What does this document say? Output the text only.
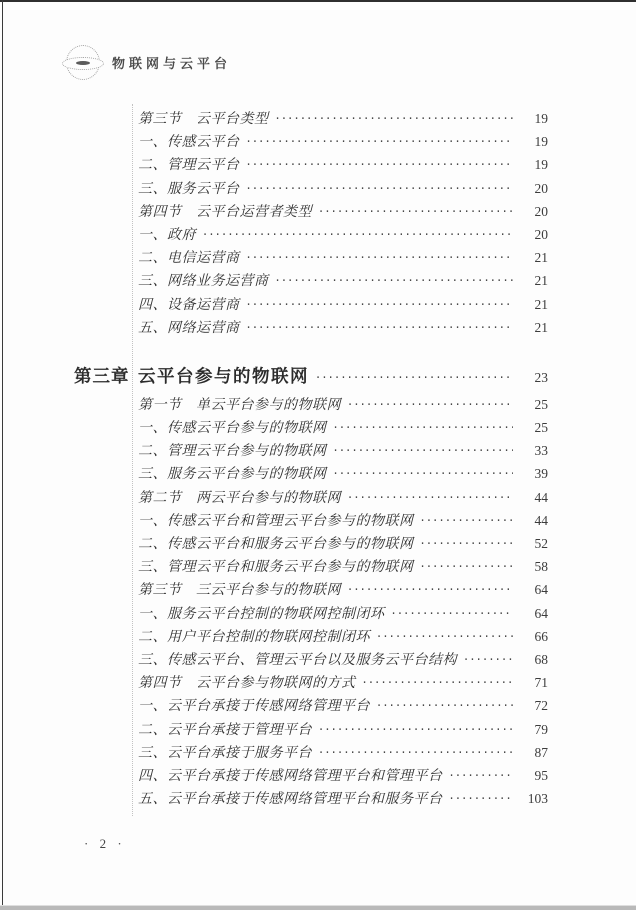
物联网与云平台
第三节　云平台类型 ·····	19
一、传感云平台 ·····	19
二、管理云平台 ·····	19
三、服务云平台 ·····	20
第四节　云平台运营者类型 ·····	20
一、政府 ·····	20
二、电信运营商 ·····	21
三、网络业务运营商 ·····	21
四、设备运营商 ·····	21
五、网络运营商 ·····	21
第三章 云平台参与的物联网 ·····	23
第一节　单云平台参与的物联网 ·····	25
一、传感云平台参与的物联网 ·····	25
二、管理云平台参与的物联网 ·····	33
三、服务云平台参与的物联网 ·····	39
第二节　两云平台参与的物联网 ·····	44
一、传感云平台和管理云平台参与的物联网 ·····	44
二、传感云平台和服务云平台参与的物联网 ·····	52
三、管理云平台和服务云平台参与的物联网 ·····	58
第三节　三云平台参与的物联网 ·····	64
一、服务云平台控制的物联网控制闭环 ·····	64
二、用户平台控制的物联网控制闭环 ·····	66
三、传感云平台、管理云平台以及服务云平台结构 ·····	68
第四节　云平台参与物联网的方式 ·····	71
一、云平台承接于传感网络管理平台 ·····	72
二、云平台承接于管理平台 ·····	79
三、云平台承接于服务平台 ·····	87
四、云平台承接于传感网络管理平台和管理平台 ·····	95
五、云平台承接于传感网络管理平台和服务平台 ·····	103
· 2 ·
